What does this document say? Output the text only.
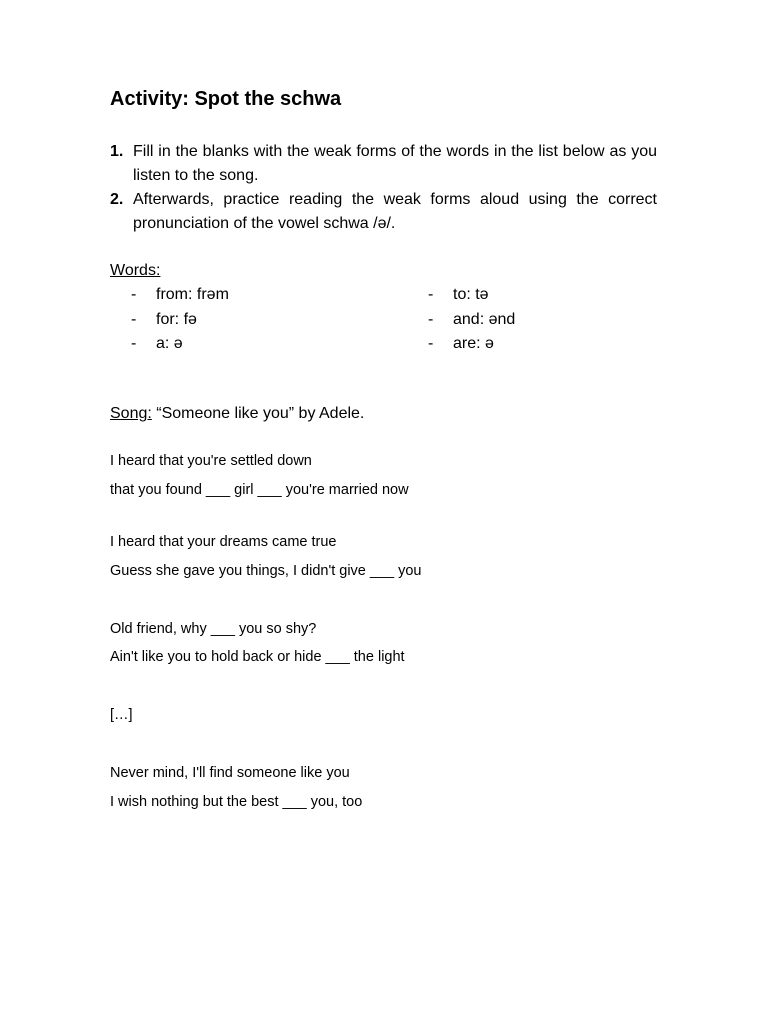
Activity: Spot the schwa
1. Fill in the blanks with the weak forms of the words in the list below as you listen to the song.
2. Afterwards, practice reading the weak forms aloud using the correct pronunciation of the vowel schwa /ə/.
Words:
-	from: frəm
-	for: fə
-	a: ə
-	to: tə
-	and: ənd
-	are: ə
Song: “Someone like you” by Adele.
I heard that you're settled down
that you found ___ girl ___ you're married now
I heard that your dreams came true
Guess she gave you things, I didn't give ___ you
Old friend, why ___ you so shy?
Ain't like you to hold back or hide ___ the light
[…]
Never mind, I'll find someone like you
I wish nothing but the best ___ you, too
